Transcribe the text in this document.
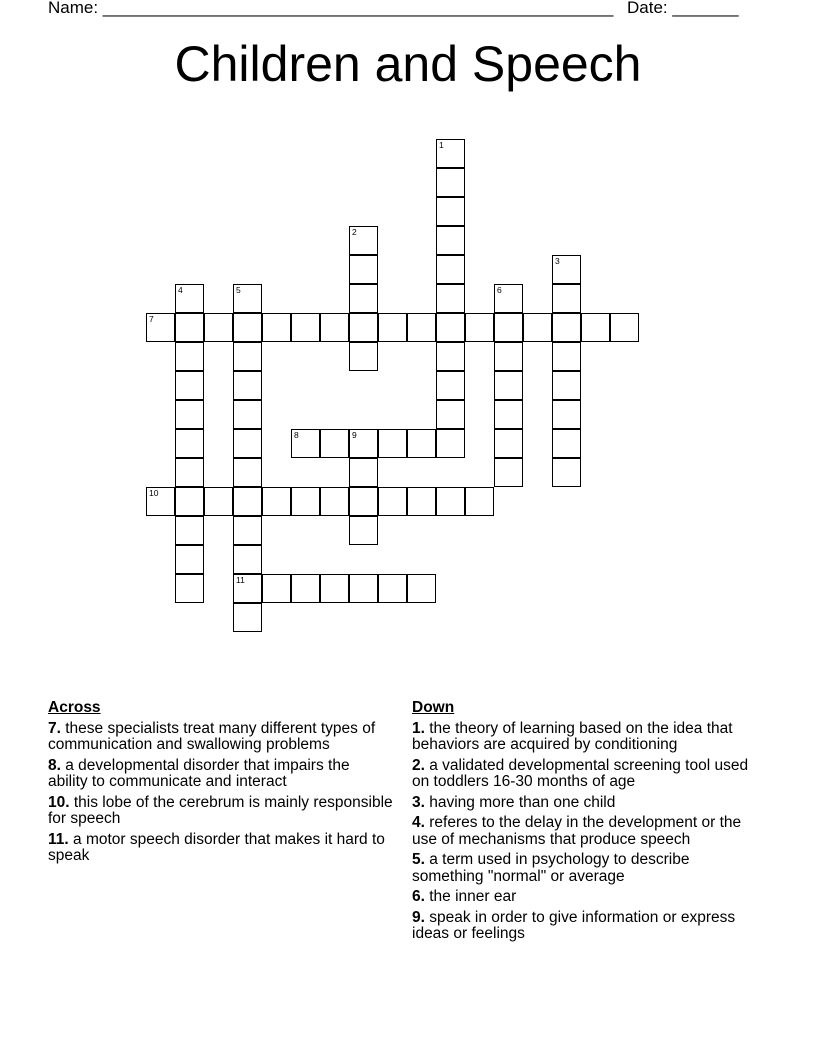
Name: ______________________________________________________ Date: _______
Children and Speech
1
2
3
4	5
11
6
7
8	9
10
Across
7. these specialists treat many different types of communication and swallowing problems
8. a developmental disorder that impairs the ability to communicate and interact
10. this lobe of the cerebrum is mainly responsible for speech
11. a motor speech disorder that makes it hard to speak
Down
1. the theory of learning based on the idea that behaviors are acquired by conditioning
2. a validated developmental screening tool used on toddlers 16-30 months of age
3. having more than one child
4. referes to the delay in the development or the use of mechanisms that produce speech
5. a term used in psychology to describe something "normal" or average
6. the inner ear
9. speak in order to give information or express ideas or feelings
